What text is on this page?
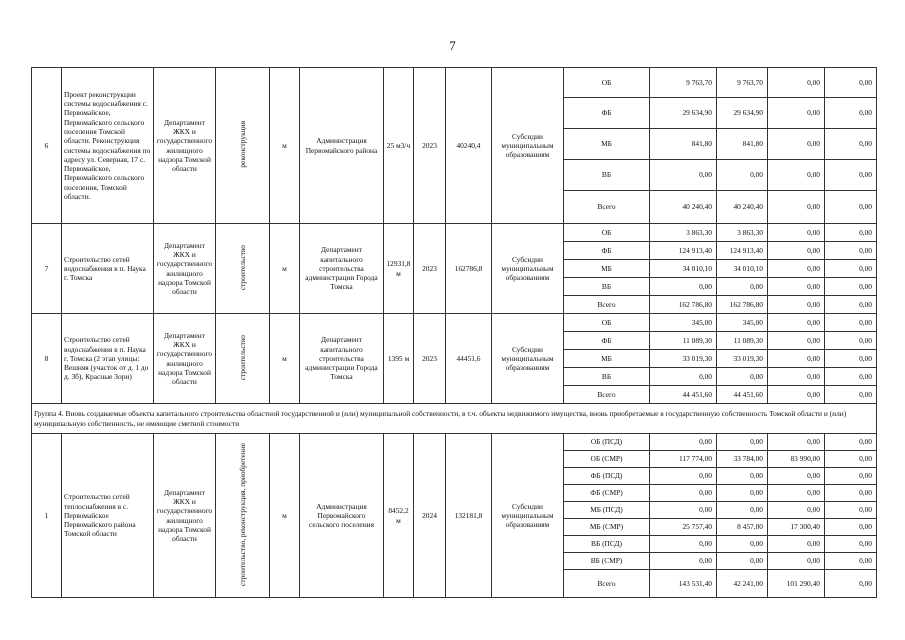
7
6	Проект реконструкции системы водоснабжения с. Первомайское, Первомайского сельского поселения Томской области. Реконструкция системы водоснабжения по адресу ул. Северная, 17 с. Первомайское, Первомайского сельского поселения, Томской области.	Департамент ЖКХ и государственного жилищного надзора Томской области	реконструкция	м	Администрация Первомайского района	25 м3/ч	2023	40240,4	Субсидии муниципальным образованиям	ОБ	9 763,70	9 763,70	0,00	0,00
										ФБ	29 634,90	29 634,90	0,00	0,00
										МБ	841,80	841,80	0,00	0,00
										ВБ	0,00	0,00	0,00	0,00
										Всего	40 240,40	40 240,40	0,00	0,00
7	Строительство сетей водоснабжения в п. Наука г. Томска	Департамент ЖКХ и государственного жилищного надзора Томской области	строительство	м	Департамент капитального строительства администрации Города Томска	12931,8 м	2023	162786,8	Субсидии муниципальным образованиям	ОБ	3 863,30	3 863,30	0,00	0,00
										ФБ	124 913,40	124 913,40	0,00	0,00
										МБ	34 010,10	34 010,10	0,00	0,00
										ВБ	0,00	0,00	0,00	0,00
										Всего	162 786,80	162 786,80	0,00	0,00
8	Строительство сетей водоснабжения в п. Наука г. Томска (2 этап улицы: Вешняя (участок от д. 1 до д. 3б), Красные Зори)	Департамент ЖКХ и государственного жилищного надзора Томской области	строительство	м	Департамент капитального строительства администрации Города Томска	1395 м	2023	44451,6	Субсидии муниципальным образованиям	ОБ	345,00	345,00	0,00	0,00
										ФБ	11 089,30	11 089,30	0,00	0,00
										МБ	33 019,30	33 019,30	0,00	0,00
										ВБ	0,00	0,00	0,00	0,00
										Всего	44 451,60	44 451,60	0,00	0,00
Группа 4. Вновь создаваемые объекты капитального строительства областной государственной и (или) муниципальной собственности, в т.ч. объекты недвижимого имущества, вновь приобретаемые в государственную собственность Томской области и (или) муниципальную собственность, не имеющие сметной стоимости														
1	Строительство сетей теплоснабжения в с. Первомайское Первомайского района Томской области	Департамент ЖКХ и государственного жилищного надзора Томской области	строительство, реконструкция, приобретение	м	Администрация Первомайского сельского поселения	8452,2 м	2024	132181,8	Субсидии муниципальным образованиям	ОБ (ПСД)	0,00	0,00	0,00	0,00
										ОБ (СМР)	117 774,00	33 784,00	83 990,00	0,00
										ФБ (ПСД)	0,00	0,00	0,00	0,00
										ФБ (СМР)	0,00	0,00	0,00	0,00
										МБ (ПСД)	0,00	0,00	0,00	0,00
										МБ (СМР)	25 757,40	8 457,00	17 300,40	0,00
										ВБ (ПСД)	0,00	0,00	0,00	0,00
										ВБ (СМР)	0,00	0,00	0,00	0,00
										Всего	143 531,40	42 241,00	101 290,40	0,00
